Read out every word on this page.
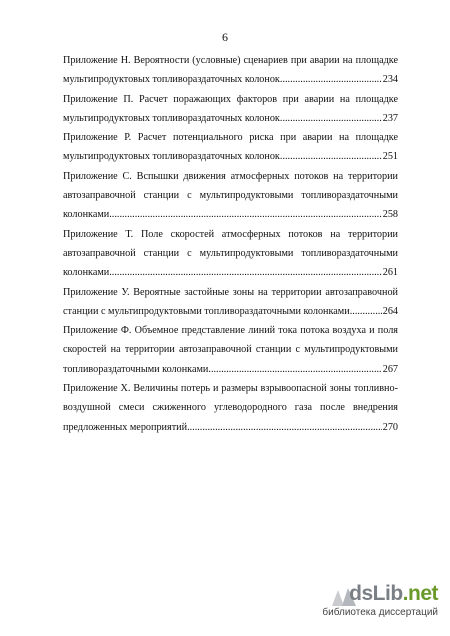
6
Приложение Н. Вероятности (условные) сценариев при аварии на площадке
мультипродуктовых топливораздаточных колонок .....	234
Приложение П. Расчет поражающих факторов при аварии на площадке
мультипродуктовых топливораздаточных колонок .....	237
Приложение Р. Расчет потенциального риска при аварии на площадке
мультипродуктовых топливораздаточных колонок .....	251
Приложение С. Вспышки движения атмосферных потоков на территории
автозаправочной станции с мультипродуктовыми топливораздаточными
колонками .....	258
Приложение Т. Поле скоростей атмосферных потоков на территории
автозаправочной станции с мультипродуктовыми топливораздаточными
колонками .....	261
Приложение У. Вероятные застойные зоны на территории автозаправочной
станции с мультипродуктовыми топливораздаточными колонками .....	264
Приложение Ф. Объемное представление линий тока потока воздуха и поля
скоростей на территории автозаправочной станции с мультипродуктовыми
топливораздаточными колонками .....	267
Приложение Х. Величины потерь и размеры взрывоопасной зоны топливно-
воздушной смеси сжиженного углеводородного газа после внедрения
предложенных мероприятий .....	270
dsLib.net
библиотека диссертаций
